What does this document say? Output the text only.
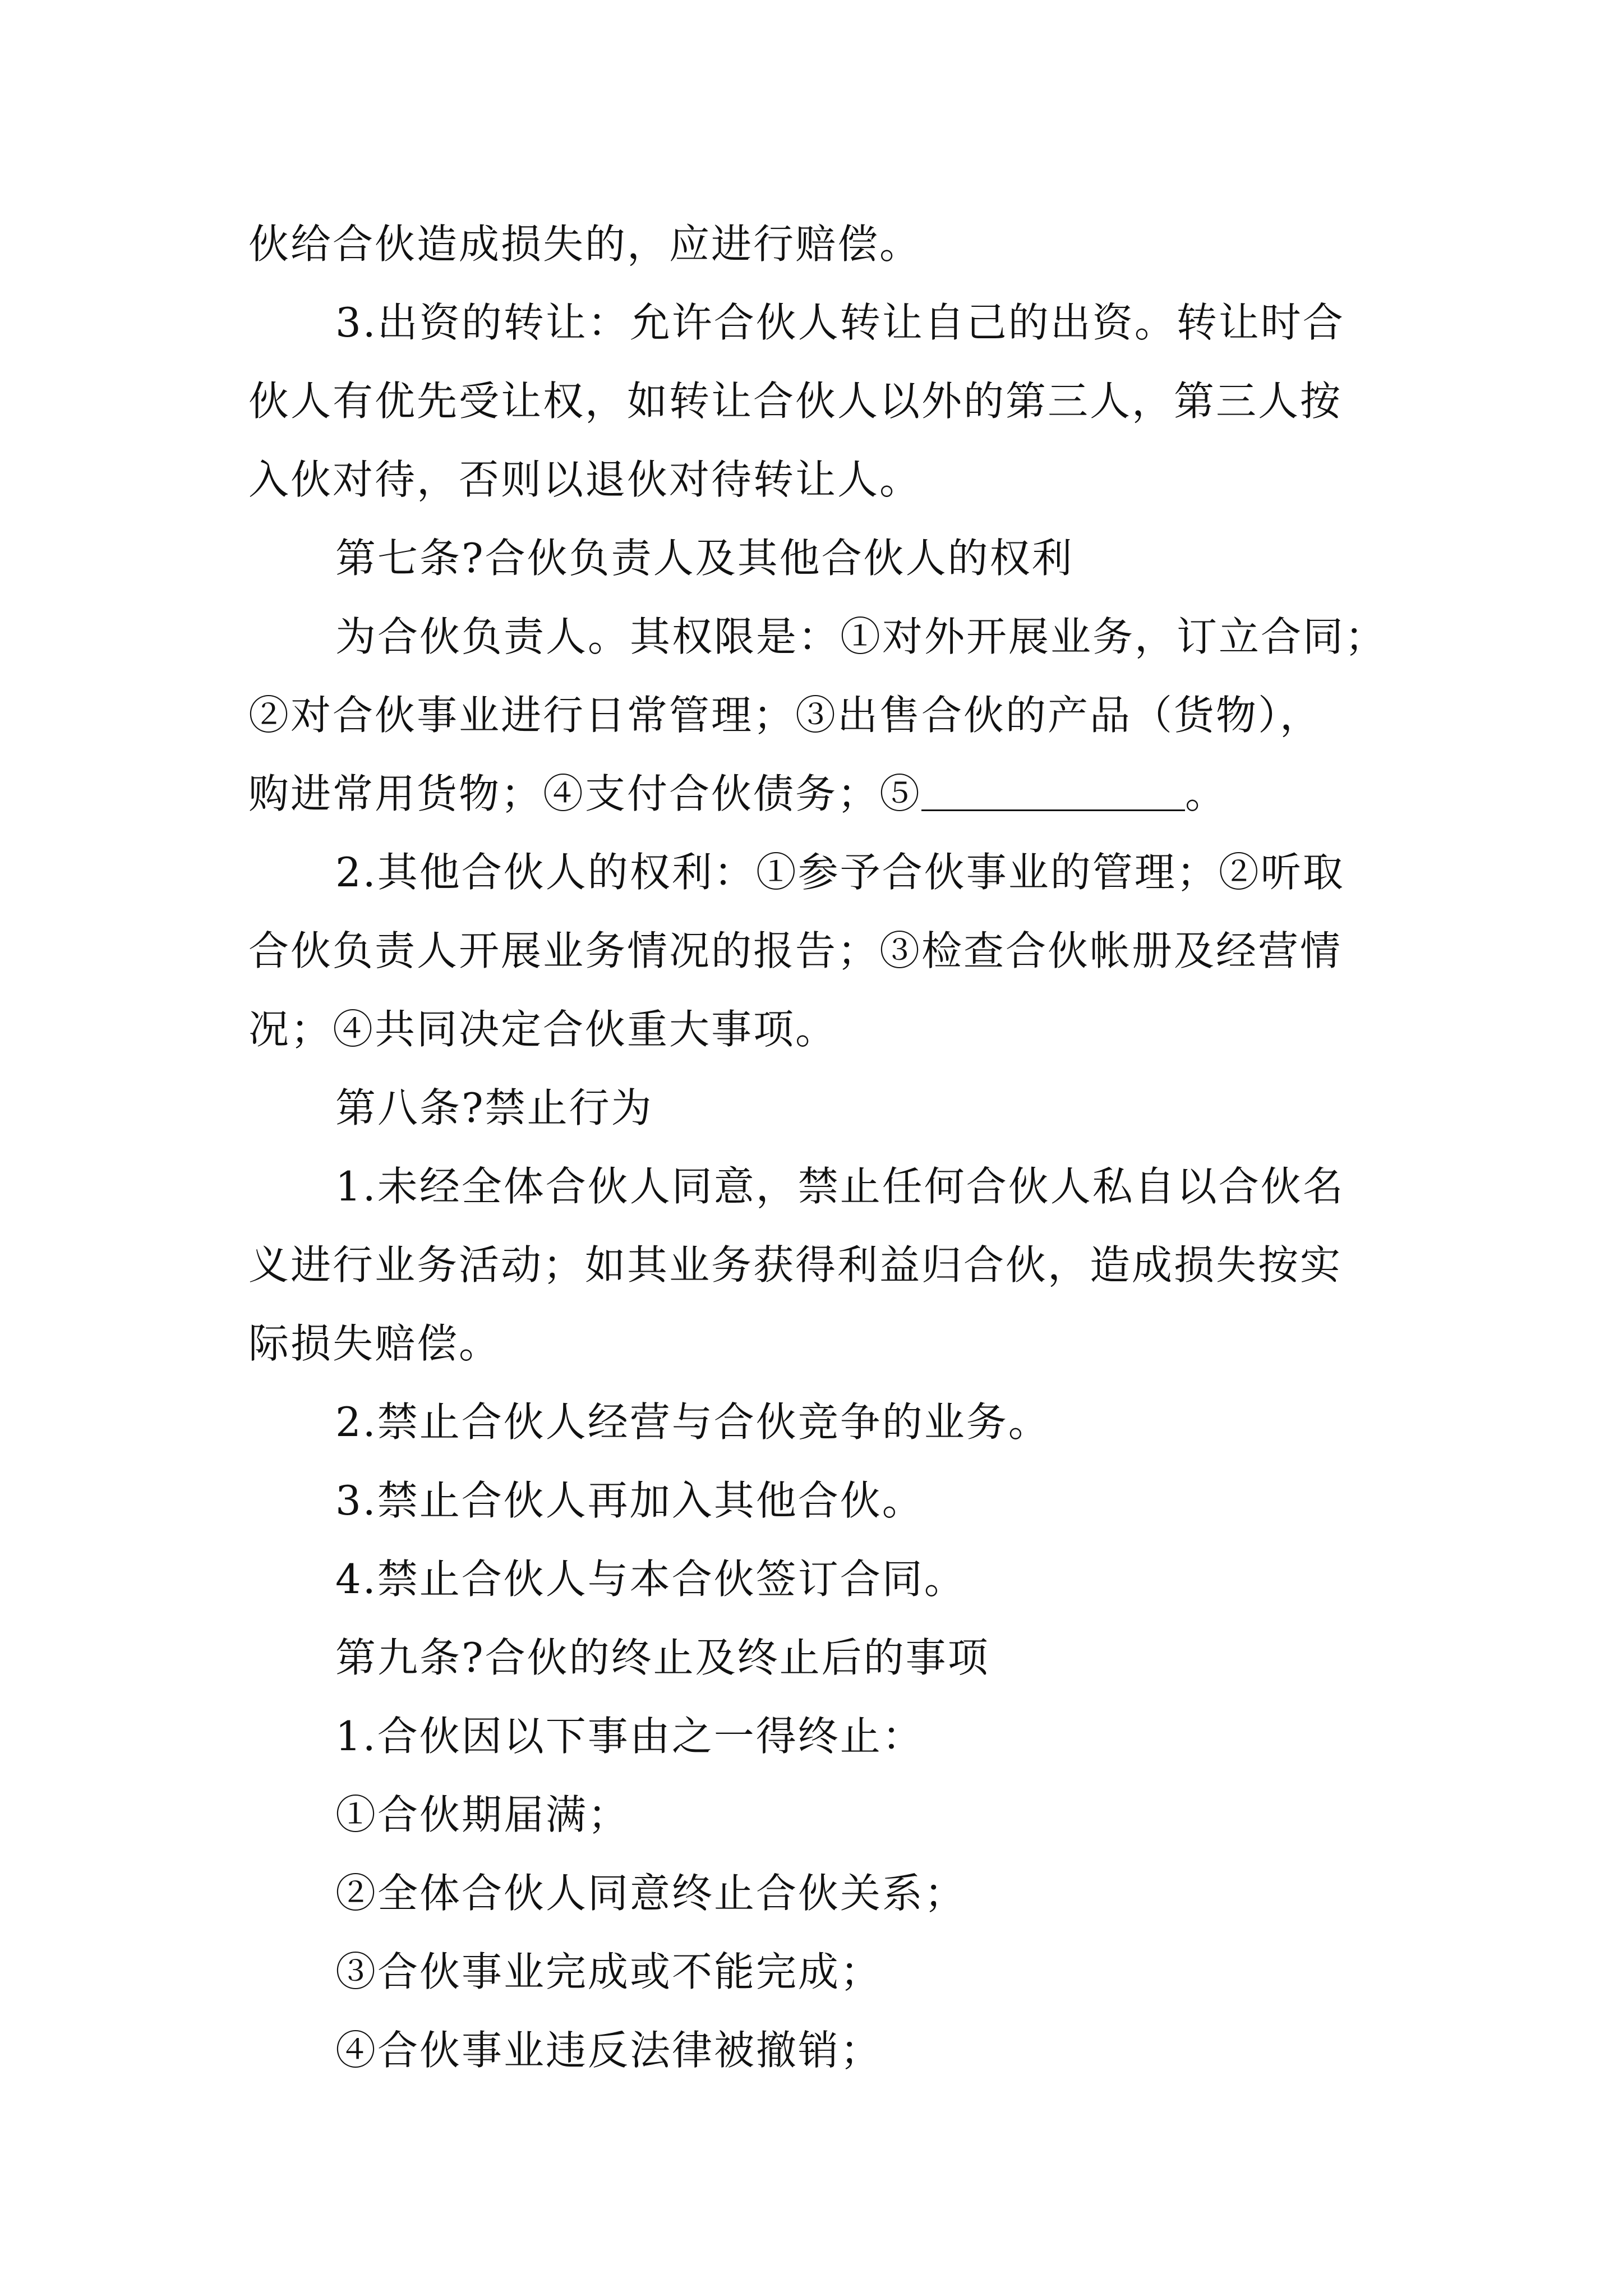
伙给合伙造成损失的，应进行赔偿。
3.出资的转让：允许合伙人转让自己的出资。转让时合
伙人有优先受让权，如转让合伙人以外的第三人，第三人按
入伙对待，否则以退伙对待转让人。
第七条?合伙负责人及其他合伙人的权利
为合伙负责人。其权限是：①对外开展业务，订立合同；
②对合伙事业进行日常管理；③出售合伙的产品（货物），
购进常用货物；④支付合伙债务；⑤	。
2.其他合伙人的权利：①参予合伙事业的管理；②听取
合伙负责人开展业务情况的报告；③检查合伙帐册及经营情
况；④共同决定合伙重大事项。
第八条?禁止行为
1.未经全体合伙人同意，禁止任何合伙人私自以合伙名
义进行业务活动；如其业务获得利益归合伙，造成损失按实
际损失赔偿。
2.禁止合伙人经营与合伙竞争的业务。
3.禁止合伙人再加入其他合伙。
4.禁止合伙人与本合伙签订合同。
第九条?合伙的终止及终止后的事项
1.合伙因以下事由之一得终止：
①合伙期届满；
②全体合伙人同意终止合伙关系；
③合伙事业完成或不能完成；
④合伙事业违反法律被撤销；
